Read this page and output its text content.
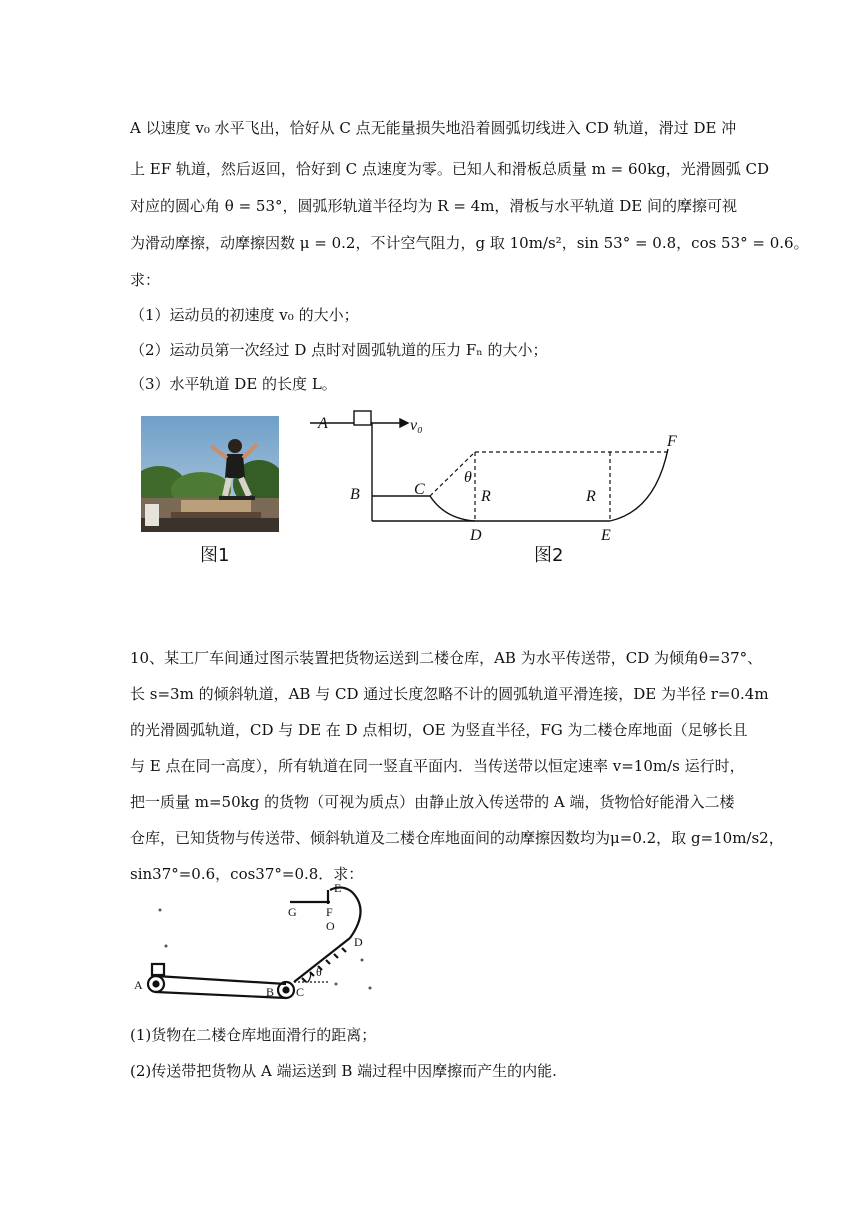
A 以速度 v₀ 水平飞出，恰好从 C 点无能量损失地沿着圆弧切线进入 CD 轨道，滑过 DE 冲
上 EF 轨道，然后返回，恰好到 C 点速度为零。已知人和滑板总质量 m = 60kg，光滑圆弧 CD
对应的圆心角 θ = 53°，圆弧形轨道半径均为 R = 4m，滑板与水平轨道 DE 间的摩擦可视
为滑动摩擦，动摩擦因数 μ = 0.2，不计空气阻力，g 取 10m/s²，sin 53° = 0.8，cos 53° = 0.6。
求：
（1）运动员的初速度 v₀ 的大小；
（2）运动员第一次经过 D 点时对圆弧轨道的压力 Fₙ 的大小；
（3）水平轨道 DE 的长度 L。
图1
A	v₀
B	C
θ
R	R
D	E
F
图2
10、某工厂车间通过图示装置把货物运送到二楼仓库，AB 为水平传送带，CD 为倾角θ=37°、
长 s=3m 的倾斜轨道，AB 与 CD 通过长度忽略不计的圆弧轨道平滑连接，DE 为半径 r=0.4m
的光滑圆弧轨道，CD 与 DE 在 D 点相切，OE 为竖直半径，FG 为二楼仓库地面（足够长且
与 E 点在同一高度），所有轨道在同一竖直平面内．当传送带以恒定速率 v=10m/s 运行时，
把一质量 m=50kg 的货物（可视为质点）由静止放入传送带的 A 端，货物恰好能滑入二楼
仓库，已知货物与传送带、倾斜轨道及二楼仓库地面间的动摩擦因数均为μ=0.2，取 g=10m/s2，
sin37°=0.6，cos37°=0.8．求：
A	B C
D
E
F
G
O
θ
(1)货物在二楼仓库地面滑行的距离；
(2)传送带把货物从 A 端运送到 B 端过程中因摩擦而产生的内能.
